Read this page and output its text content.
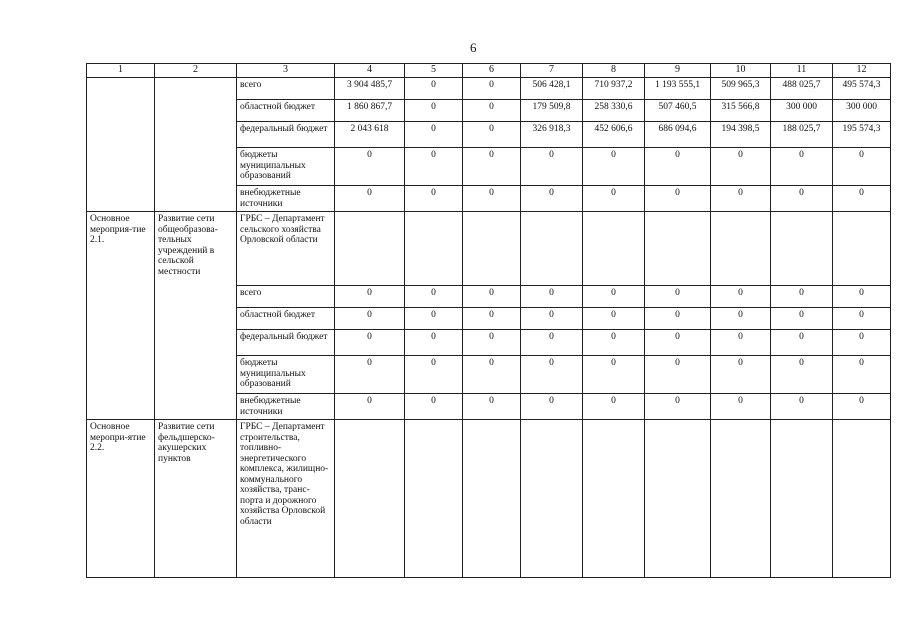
6
1	2	3	4	5	6	7	8	9	10	11	12
		всего	3 904 485,7	0	0	506 428,1	710 937,2	1 193 555,1	509 965,3	488 025,7	495 574,3
		областной бюджет	1 860 867,7	0	0	179 509,8	258 330,6	507 460,5	315 566,8	300 000	300 000
		федеральный бюджет	2 043 618	0	0	326 918,3	452 606,6	686 094,6	194 398,5	188 025,7	195 574,3
		бюджеты муниципальных образований	0	0	0	0	0	0	0	0	0
		внебюджетные источники	0	0	0	0	0	0	0	0	0
Основное мероприя-тие 2.1.	Развитие сети общеобразова-тельных учреждений в сельской местности	ГРБС – Департамент сельского хозяйства Орловской области									
		всего	0	0	0	0	0	0	0	0	0
		областной бюджет	0	0	0	0	0	0	0	0	0
		федеральный бюджет	0	0	0	0	0	0	0	0	0
		бюджеты муниципальных образований	0	0	0	0	0	0	0	0	0
		внебюджетные источники	0	0	0	0	0	0	0	0	0
Основное меропри-ятие 2.2.	Развитие сети фельдшерско-акушерских пунктов	ГРБС – Департамент строительства, топливно-энергетического комплекса, жилищно-коммунального хозяйства, транс-порта и дорожного хозяйства Орловской области									
